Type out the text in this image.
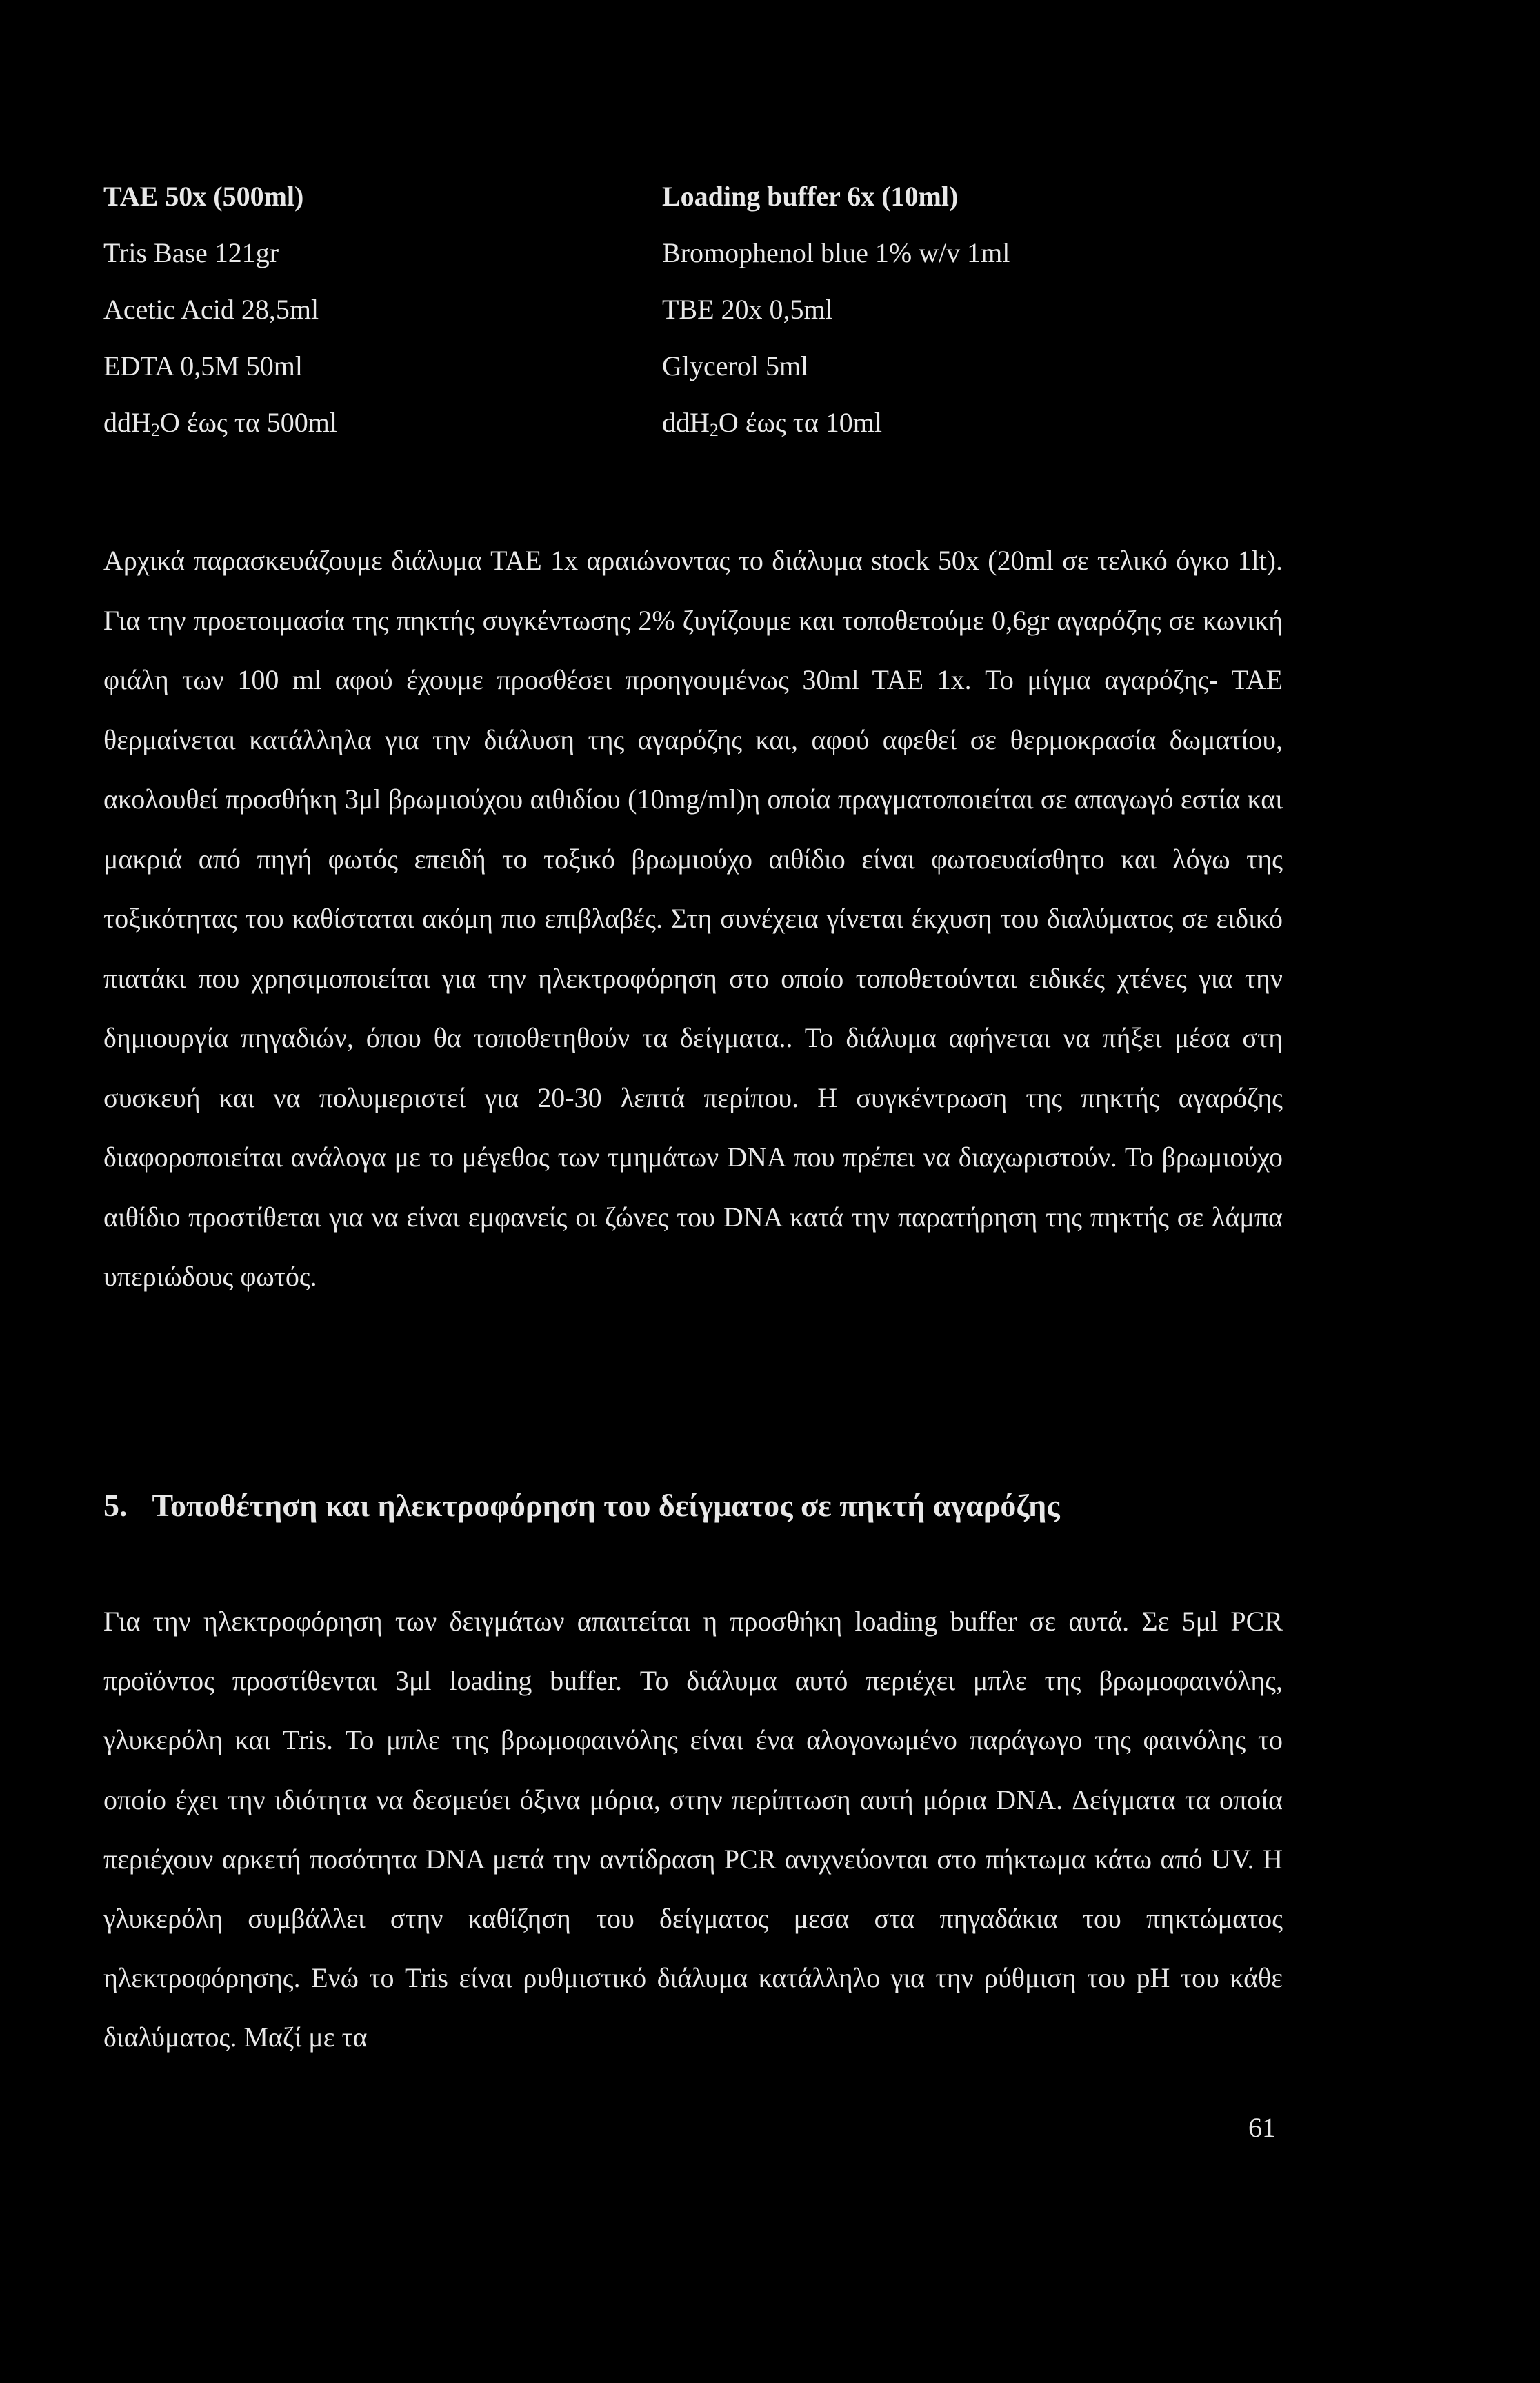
TAE 50x (500ml)

Tris Base 121gr

Acetic Acid 28,5ml

EDTA 0,5M 50ml

ddH$_2$O έως τα 500ml

Loading buffer 6x (10ml)

Bromophenol blue 1% w/v 1ml

TBE 20x 0,5ml

Glycerol 5ml

ddH$_2$O έως τα 10ml

Αρχικά παρασκευάζουμε διάλυμα TAE 1x αραιώνοντας το διάλυμα stock 50x (20ml σε τελικό όγκο 1lt). Για την προετοιμασία της πηκτής συγκέντωσης 2% ζυγίζουμε και τοποθετούμε 0,6gr αγαρόζης σε κωνική φιάλη των 100 ml αφού έχουμε προσθέσει προηγουμένως 30ml TAE 1x. Το μίγμα αγαρόζης- TAE θερμαίνεται κατάλληλα για την διάλυση της αγαρόζης και, αφού αφεθεί σε θερμοκρασία δωματίου, ακολουθεί προσθήκη 3μl βρωμιούχου αιθιδίου (10mg/ml)η οποία πραγματοποιείται σε απαγωγό εστία και μακριά από πηγή φωτός επειδή το τοξικό βρωμιούχο αιθίδιο είναι φωτοευαίσθητο και λόγω της τοξικότητας του καθίσταται ακόμη πιο επιβλαβές. Στη συνέχεια γίνεται έκχυση του διαλύματος σε ειδικό πιατάκι που χρησιμοποιείται για την ηλεκτροφόρηση στο οποίο τοποθετούνται ειδικές χτένες για την δημιουργία πηγαδιών, όπου θα τοποθετηθούν τα δείγματα.. Το διάλυμα αφήνεται να πήξει μέσα στη συσκευή και να πολυμεριστεί για 20-30 λεπτά περίπου. Η συγκέντρωση της πηκτής αγαρόζης διαφοροποιείται ανάλογα με το μέγεθος των τμημάτων DNA που πρέπει να διαχωριστούν. Το βρωμιούχο αιθίδιο προστίθεται για να είναι εμφανείς οι ζώνες του DNA κατά την παρατήρηση της πηκτής σε λάμπα υπεριώδους φωτός.

5. Τοποθέτηση και ηλεκτροφόρηση του δείγματος σε πηκτή αγαρόζης

Για την ηλεκτροφόρηση των δειγμάτων απαιτείται η προσθήκη loading buffer σε αυτά. Σε 5μl PCR προϊόντος προστίθενται 3μl loading buffer. Το διάλυμα αυτό περιέχει μπλε της βρωμοφαινόλης, γλυκερόλη και Tris. Το μπλε της βρωμοφαινόλης είναι ένα αλογονωμένο παράγωγο της φαινόλης το οποίο έχει την ιδιότητα να δεσμεύει όξινα μόρια, στην περίπτωση αυτή μόρια DNA. Δείγματα τα οποία περιέχουν αρκετή ποσότητα DNA μετά την αντίδραση PCR ανιχνεύονται στο πήκτωμα κάτω από UV. Η γλυκερόλη συμβάλλει στην καθίζηση του δείγματος μεσα στα πηγαδάκια του πηκτώματος ηλεκτροφόρησης. Ενώ το Tris είναι ρυθμιστικό διάλυμα κατάλληλο για την ρύθμιση του pH του κάθε διαλύματος. Μαζί με τα

61
